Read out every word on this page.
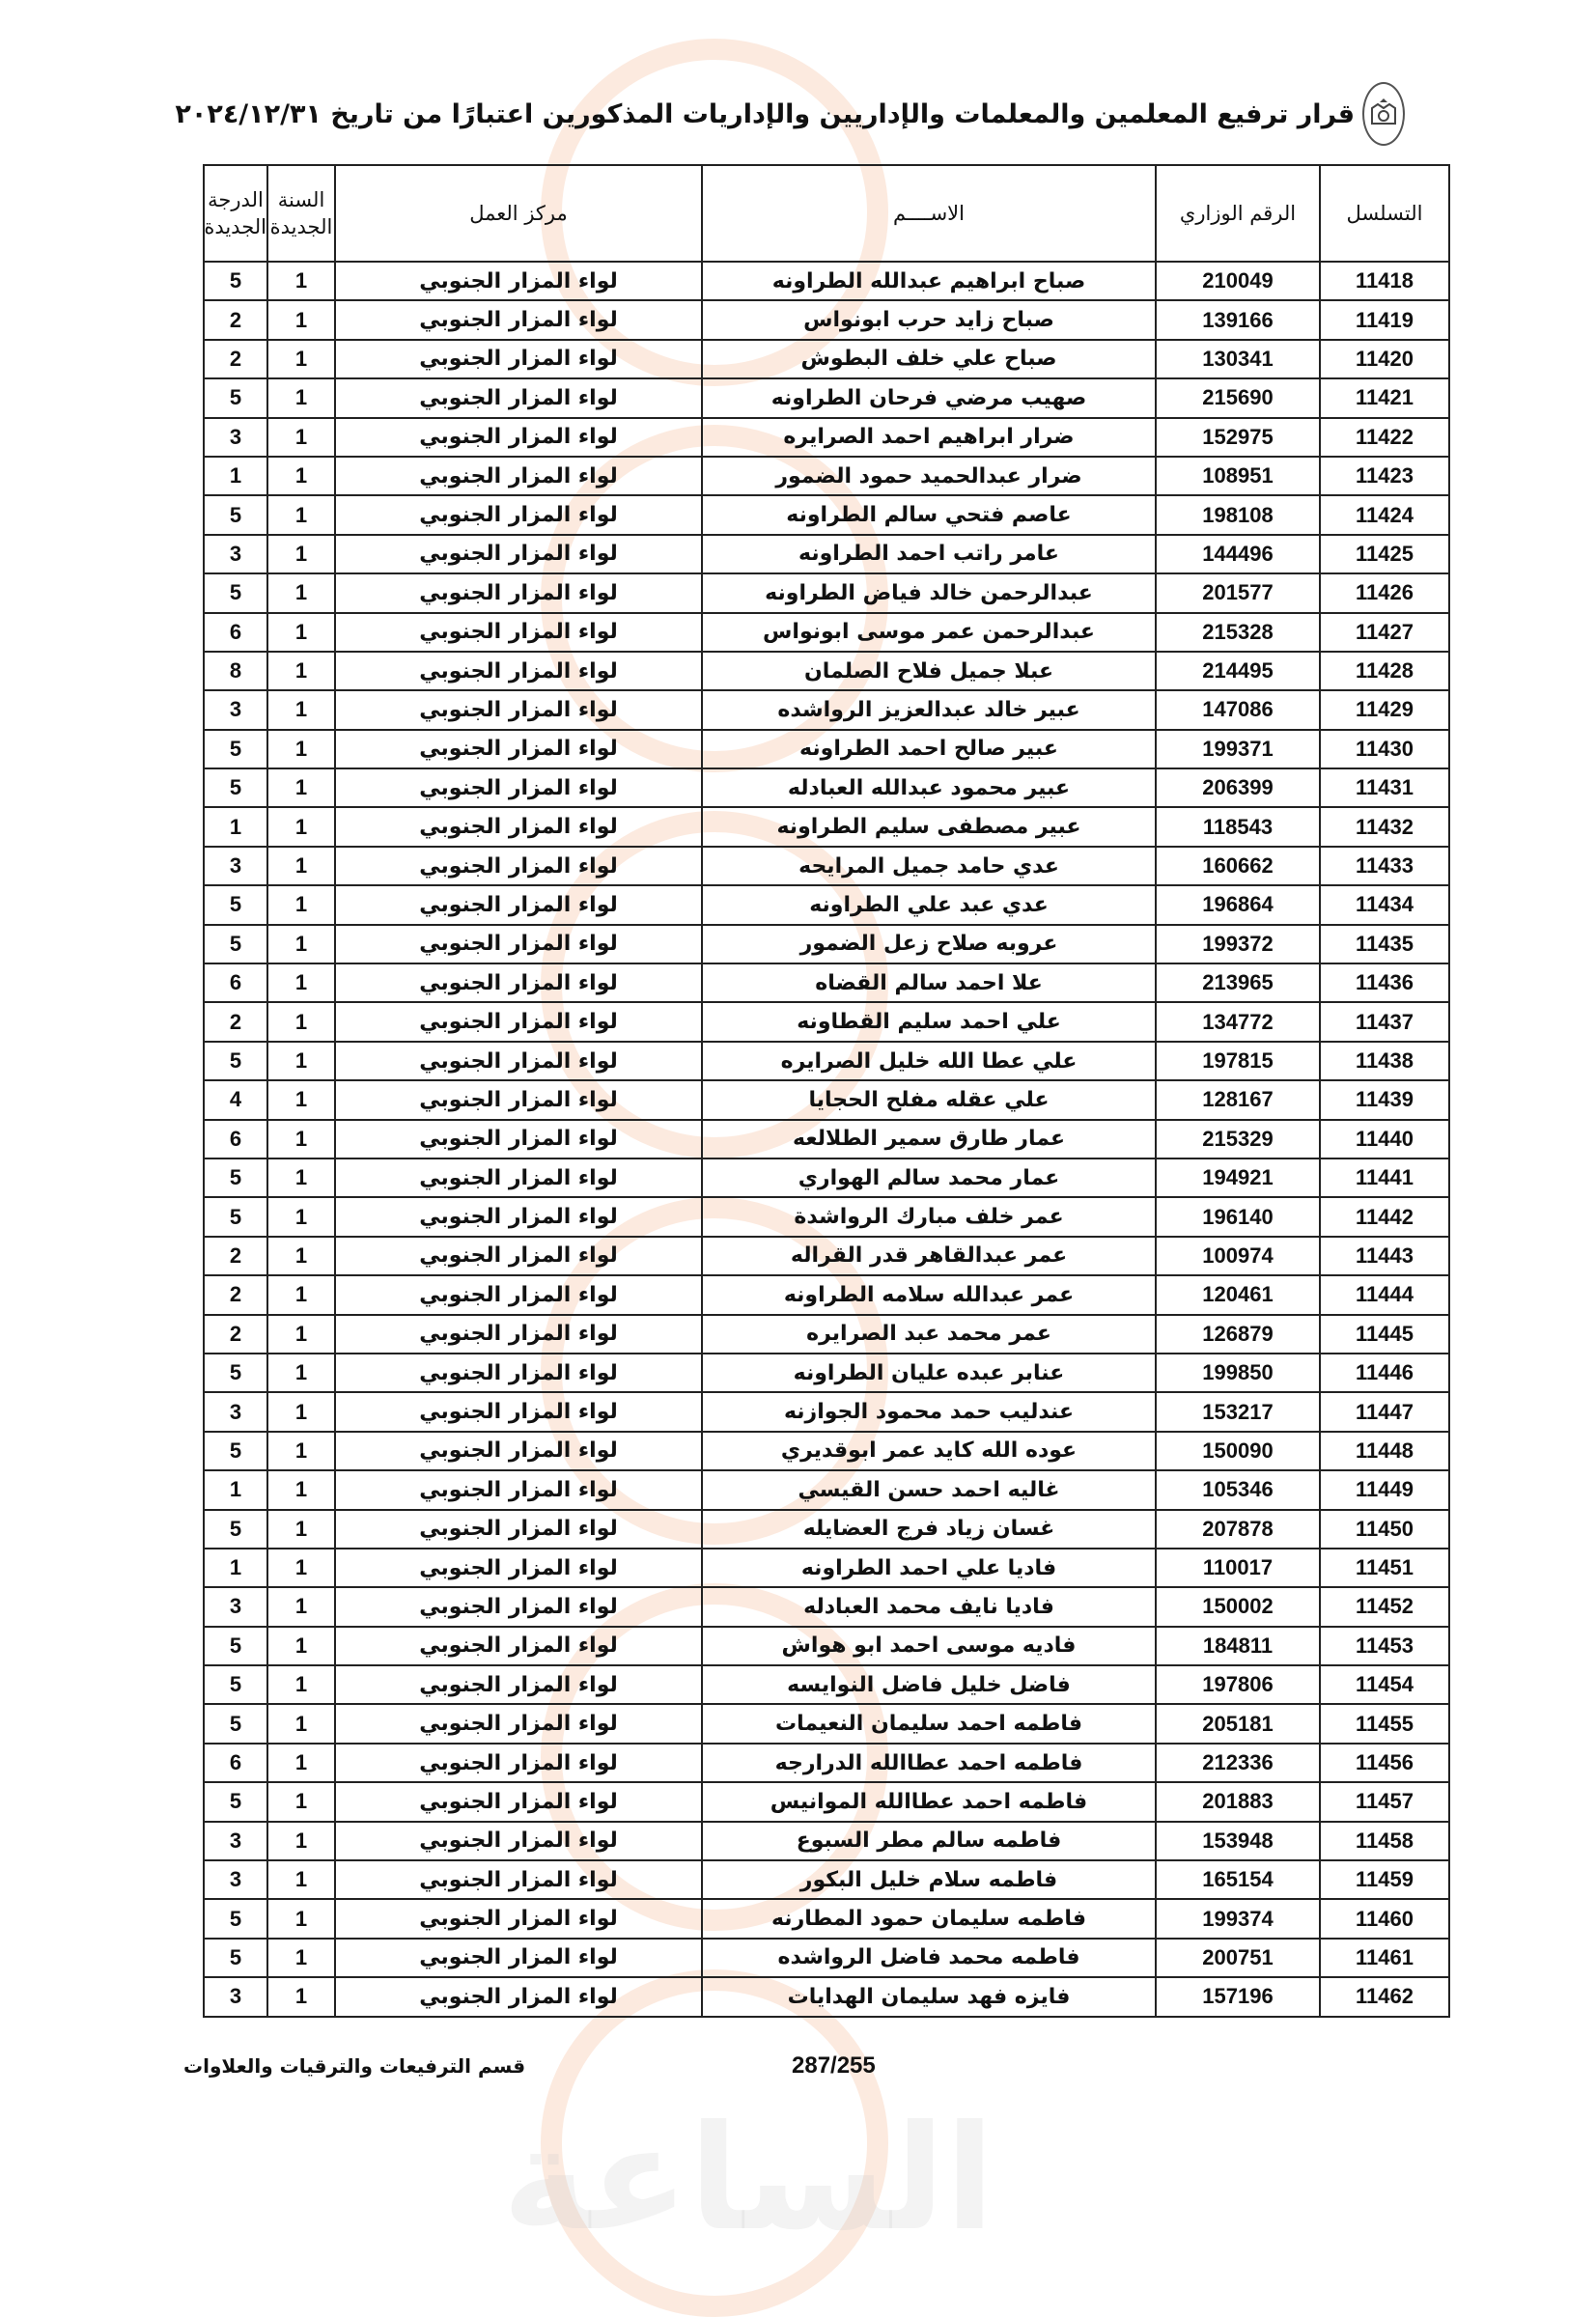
الساعة
قرار ترفيع المعلمين والمعلمات والإداريين والإداريات المذكورين اعتبارًا من تاريخ ٢٠٢٤/١٢/٣١
التسلسل	الرقم الوزاري	الاســــم	مركز العمل	السنة الجديدة	الدرجة الجديدة
11418	210049	صباح ابراهيم عبدالله الطراونه	لواء المزار الجنوبي	1	5
11419	139166	صباح زايد حرب ابونواس	لواء المزار الجنوبي	1	2
11420	130341	صباح علي خلف البطوش	لواء المزار الجنوبي	1	2
11421	215690	صهيب مرضي فرحان الطراونه	لواء المزار الجنوبي	1	5
11422	152975	ضرار ابراهيم احمد الصرايره	لواء المزار الجنوبي	1	3
11423	108951	ضرار عبدالحميد حمود الضمور	لواء المزار الجنوبي	1	1
11424	198108	عاصم فتحي سالم الطراونه	لواء المزار الجنوبي	1	5
11425	144496	عامر راتب احمد الطراونه	لواء المزار الجنوبي	1	3
11426	201577	عبدالرحمن خالد فياض الطراونه	لواء المزار الجنوبي	1	5
11427	215328	عبدالرحمن عمر موسى ابونواس	لواء المزار الجنوبي	1	6
11428	214495	عبلا جميل فلاح الصلمان	لواء المزار الجنوبي	1	8
11429	147086	عبير خالد عبدالعزيز الرواشده	لواء المزار الجنوبي	1	3
11430	199371	عبير صالح احمد الطراونه	لواء المزار الجنوبي	1	5
11431	206399	عبير محمود عبدالله العبادله	لواء المزار الجنوبي	1	5
11432	118543	عبير مصطفى سليم الطراونه	لواء المزار الجنوبي	1	1
11433	160662	عدي حامد جميل المرايحه	لواء المزار الجنوبي	1	3
11434	196864	عدي عبد علي الطراونه	لواء المزار الجنوبي	1	5
11435	199372	عروبه صلاح زعل الضمور	لواء المزار الجنوبي	1	5
11436	213965	علا احمد سالم القضاه	لواء المزار الجنوبي	1	6
11437	134772	علي احمد سليم القطاونه	لواء المزار الجنوبي	1	2
11438	197815	علي عطا الله خليل الصرايره	لواء المزار الجنوبي	1	5
11439	128167	علي عقله مفلح الحجايا	لواء المزار الجنوبي	1	4
11440	215329	عمار طارق سمير الطلالعه	لواء المزار الجنوبي	1	6
11441	194921	عمار محمد سالم الهواري	لواء المزار الجنوبي	1	5
11442	196140	عمر خلف مبارك الرواشدة	لواء المزار الجنوبي	1	5
11443	100974	عمر عبدالقاهر قدر القراله	لواء المزار الجنوبي	1	2
11444	120461	عمر عبدالله سلامه الطراونه	لواء المزار الجنوبي	1	2
11445	126879	عمر محمد عبد الصرايره	لواء المزار الجنوبي	1	2
11446	199850	عنابر عبده عليان الطراونه	لواء المزار الجنوبي	1	5
11447	153217	عندليب حمد محمود الجوازنه	لواء المزار الجنوبي	1	3
11448	150090	عوده الله كايد عمر ابوقديري	لواء المزار الجنوبي	1	5
11449	105346	غاليه احمد حسن القيسي	لواء المزار الجنوبي	1	1
11450	207878	غسان زياد فرج العضايله	لواء المزار الجنوبي	1	5
11451	110017	فاديا علي احمد الطراونه	لواء المزار الجنوبي	1	1
11452	150002	فاديا نايف محمد العبادله	لواء المزار الجنوبي	1	3
11453	184811	فاديه موسى احمد ابو هواش	لواء المزار الجنوبي	1	5
11454	197806	فاضل خليل فاضل النوايسه	لواء المزار الجنوبي	1	5
11455	205181	فاطمه احمد سليمان النعيمات	لواء المزار الجنوبي	1	5
11456	212336	فاطمه احمد عطاالله الدرارجه	لواء المزار الجنوبي	1	6
11457	201883	فاطمه احمد عطاالله الموانيس	لواء المزار الجنوبي	1	5
11458	153948	فاطمه سالم مطر السبوع	لواء المزار الجنوبي	1	3
11459	165154	فاطمه سلام خليل البكور	لواء المزار الجنوبي	1	3
11460	199374	فاطمه سليمان حمود المطارنه	لواء المزار الجنوبي	1	5
11461	200751	فاطمه محمد فاضل الرواشده	لواء المزار الجنوبي	1	5
11462	157196	فايزه فهد سليمان الهدايات	لواء المزار الجنوبي	1	3
قسم الترفيعات والترقيات والعلاوات	287/255
